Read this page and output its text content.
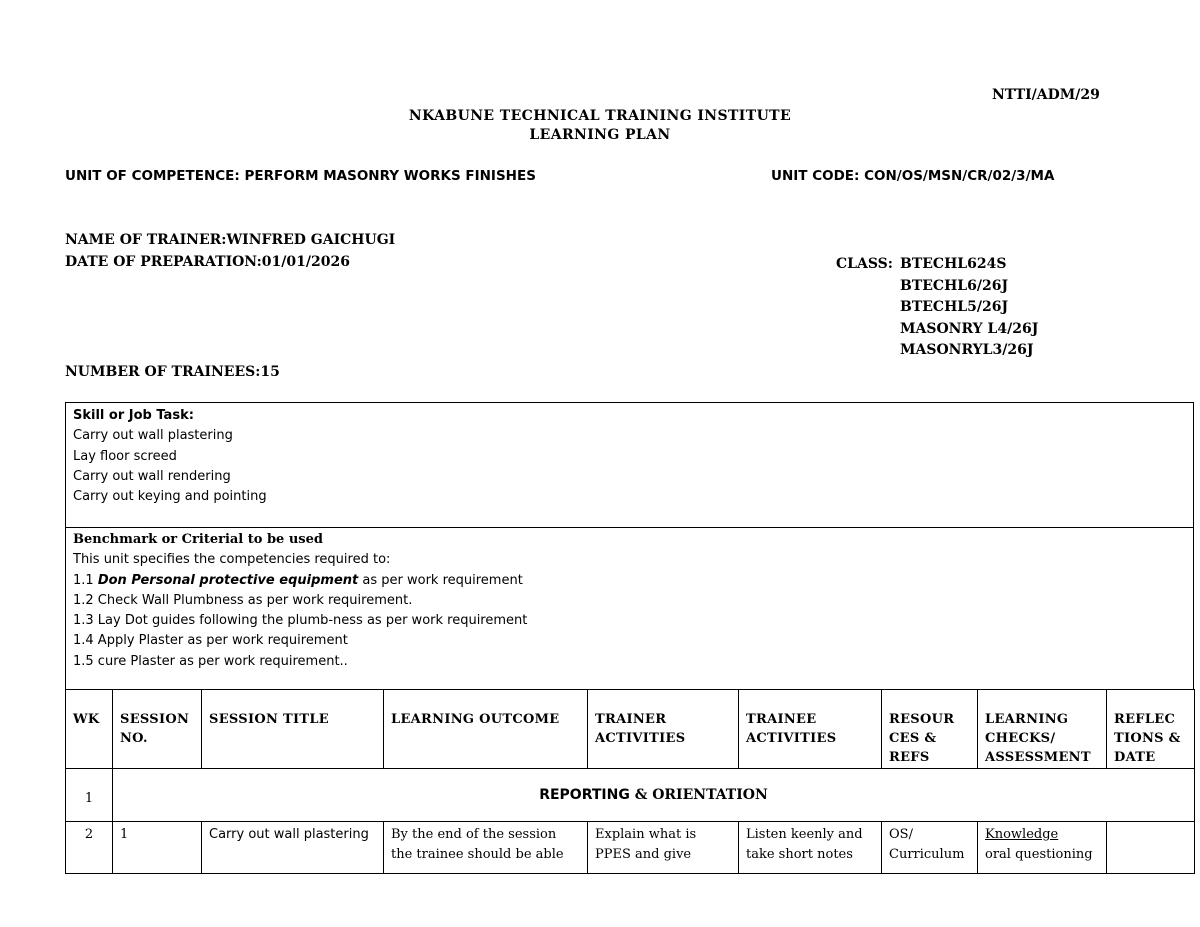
NTTI/ADM/29
NKABUNE TECHNICAL TRAINING INSTITUTE
LEARNING PLAN
UNIT OF COMPETENCE: PERFORM MASONRY WORKS FINISHES	UNIT CODE: CON/OS/MSN/CR/02/3/MA
NAME OF TRAINER:WINFRED GAICHUGI
DATE OF PREPARATION:01/01/2026	CLASS: BTECHL624S
BTECHL6/26J
BTECHL5/26J
MASONRY L4/26J
MASONRYL3/26J
NUMBER OF TRAINEES:15
Skill or Job Task:
Carry out wall plastering
Lay floor screed
Carry out wall rendering
Carry out keying and pointing
Benchmark or Criterial to be used
This unit specifies the competencies required to:
1.1 Don Personal protective equipment as per work requirement
1.2 Check Wall Plumbness as per work requirement.
1.3 Lay Dot guides following the plumb-ness as per work requirement
1.4 Apply Plaster as per work requirement
1.5 cure Plaster as per work requirement..
WK	SESSION NO.	SESSION TITLE	LEARNING OUTCOME	TRAINER ACTIVITIES	TRAINEE ACTIVITIES	RESOUR CES & REFS	LEARNING CHECKS/ ASSESSMENT	REFLEC TIONS & DATE
1	REPORTING & ORIENTATION							
2	1	Carry out wall plastering	By the end of the session the trainee should be able	Explain what is PPES and give	Listen keenly and take short notes	OS/ Curriculum	Knowledge
oral questioning	
